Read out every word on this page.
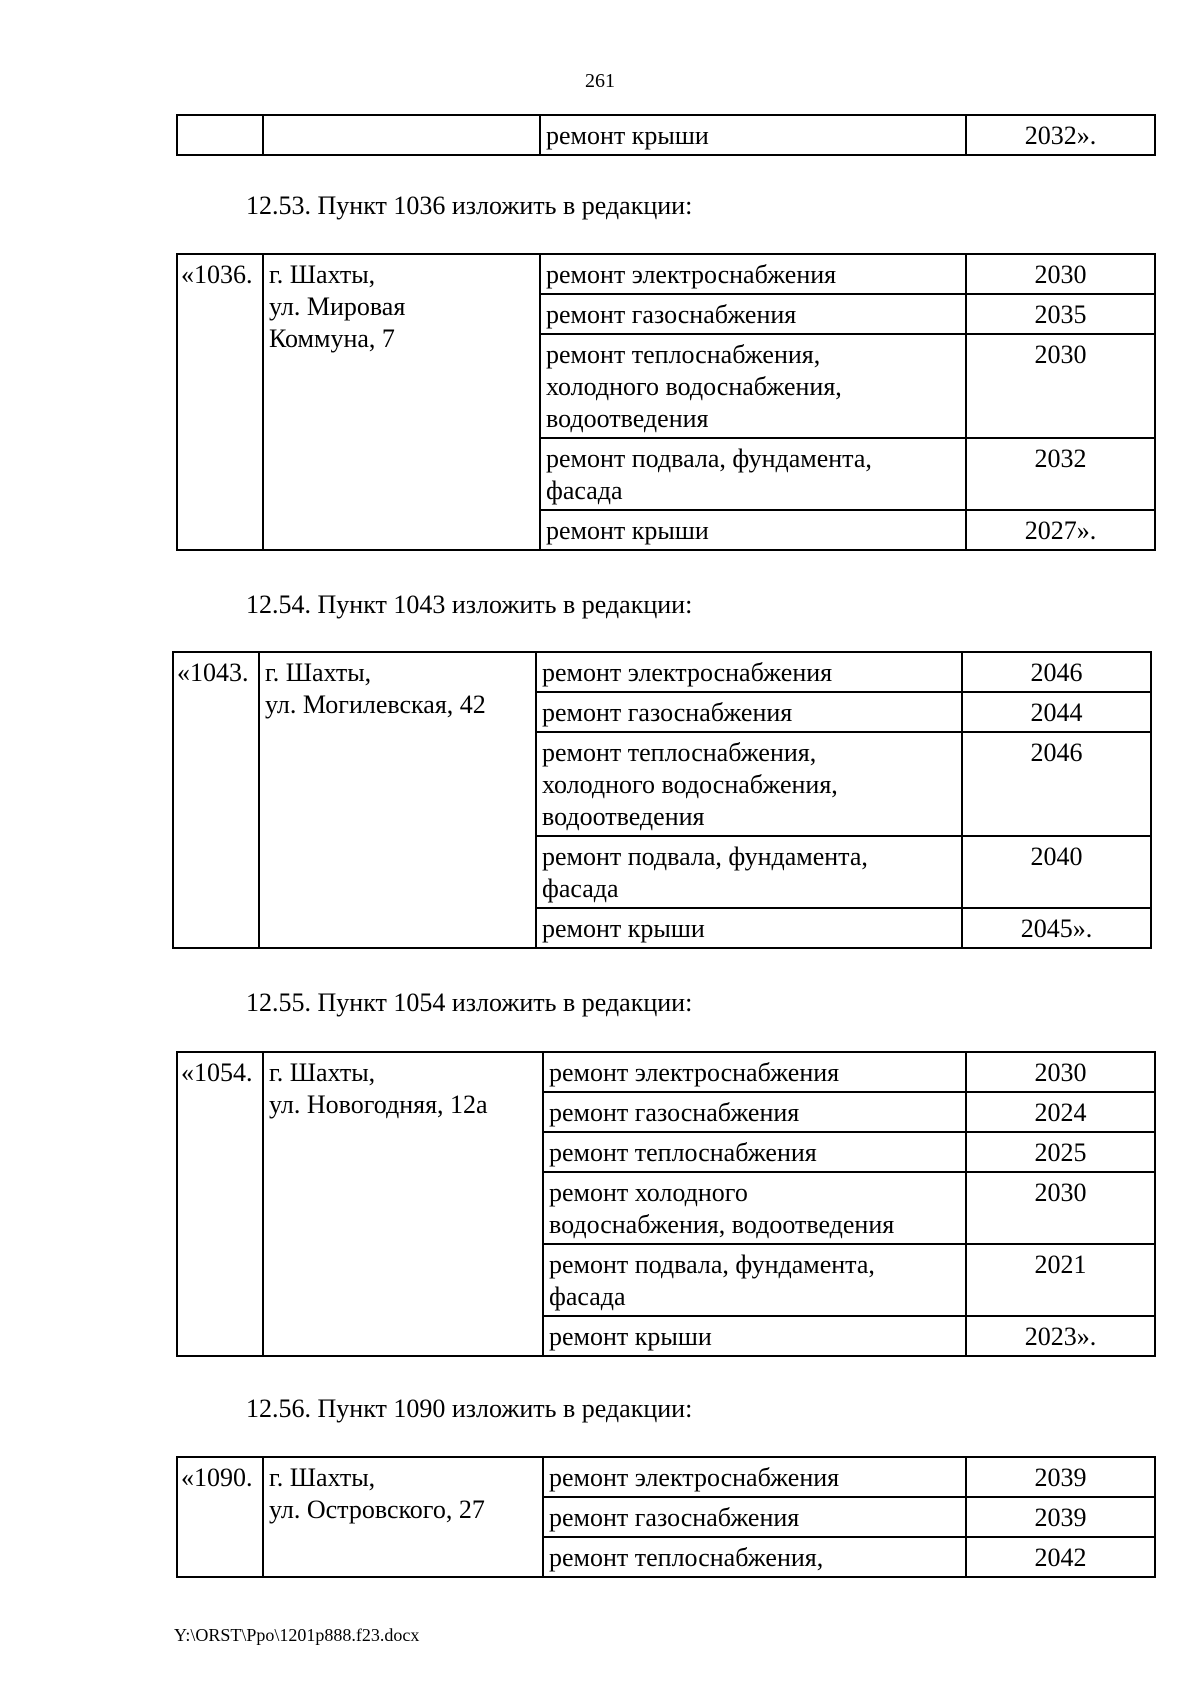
261
		ремонт крыши	2032».
12.53. Пункт 1036 изложить в редакции:
«1036.	г. Шахты,
ул. Мировая
Коммуна, 7	ремонт электроснабжения	2030

		ремонт газоснабжения	2035

		ремонт теплоснабжения,
холодного водоснабжения,
водоотведения	2030

		ремонт подвала, фундамента,
фасада	2032

		ремонт крыши	2027».
12.54. Пункт 1043 изложить в редакции:
«1043.	г. Шахты,
ул. Могилевская, 42	ремонт электроснабжения	2046

		ремонт газоснабжения	2044

		ремонт теплоснабжения,
холодного водоснабжения,
водоотведения	2046

		ремонт подвала, фундамента,
фасада	2040

		ремонт крыши	2045».
12.55. Пункт 1054 изложить в редакции:
«1054.	г. Шахты,
ул. Новогодняя, 12а	ремонт электроснабжения	2030

		ремонт газоснабжения	2024

		ремонт теплоснабжения	2025

		ремонт холодного
водоснабжения, водоотведения	2030

		ремонт подвала, фундамента,
фасада	2021

		ремонт крыши	2023».
12.56. Пункт 1090 изложить в редакции:
«1090.	г. Шахты,
ул. Островского, 27	ремонт электроснабжения	2039

		ремонт газоснабжения	2039

		ремонт теплоснабжения,	2042
Y:\ORST\Ppo\1201p888.f23.docx
